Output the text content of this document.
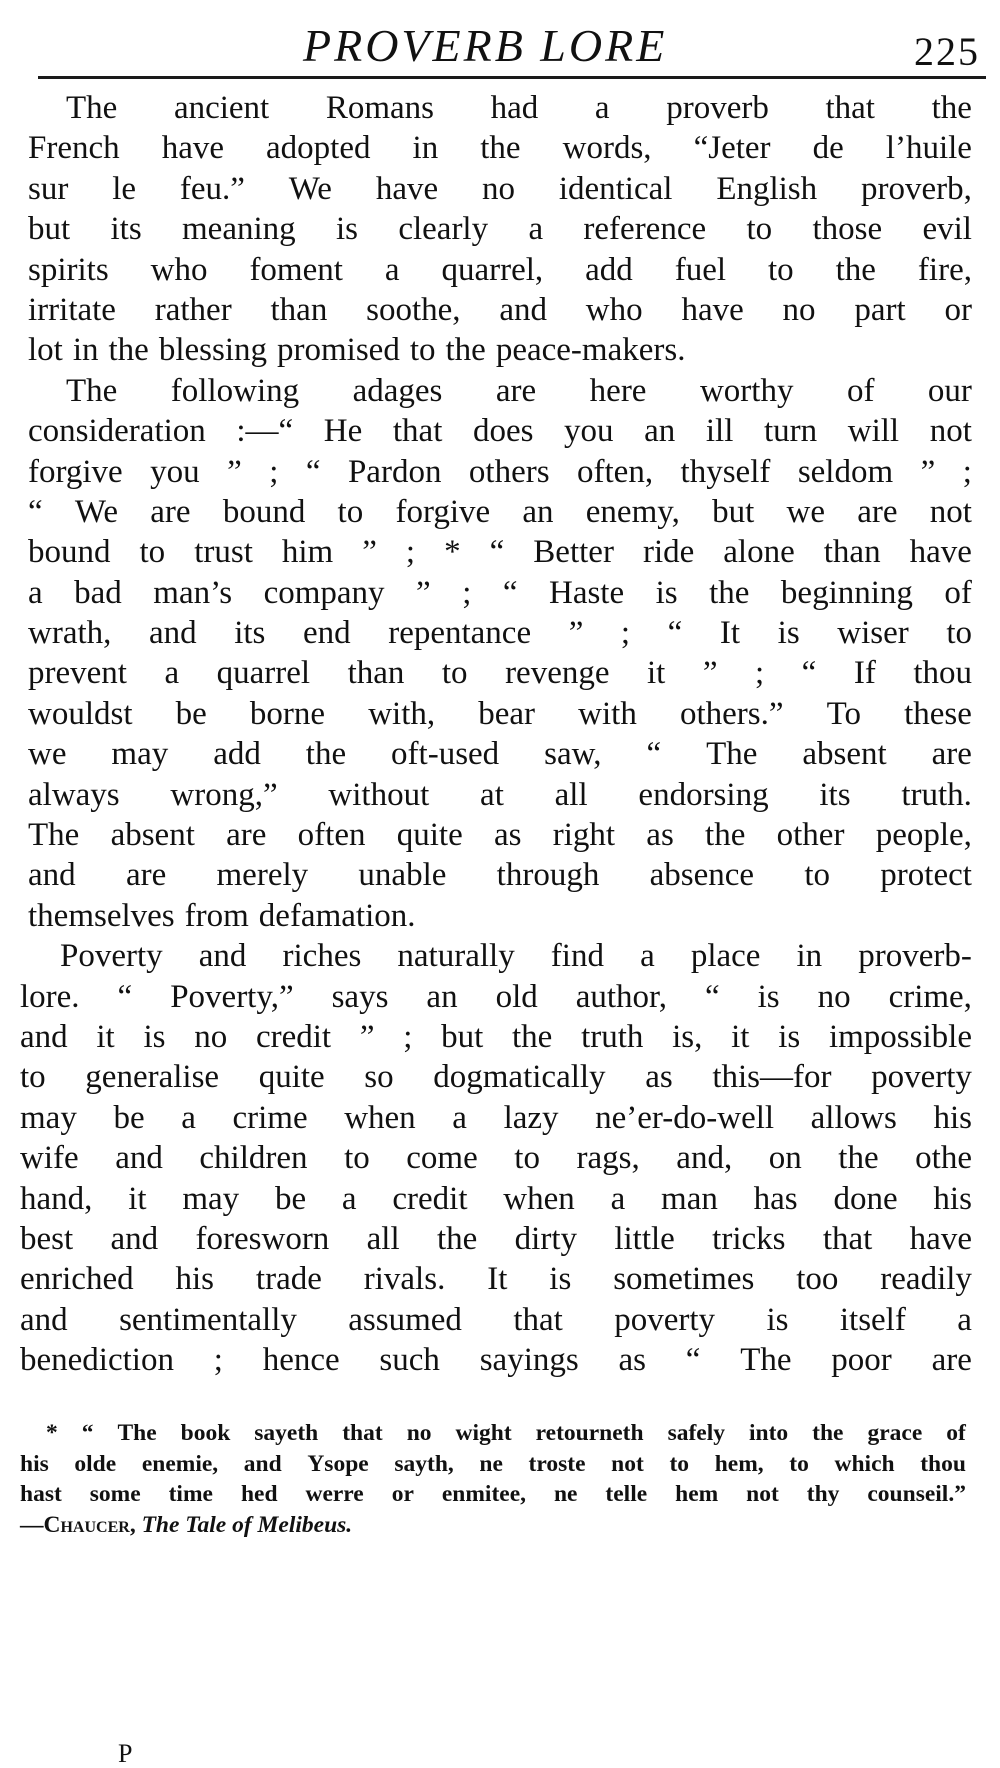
PROVERB LORE	225
The ancient Romans had a proverb that the
French have adopted in the words, “Jeter de l’huile
sur le feu.” We have no identical English proverb,
but its meaning is clearly a reference to those evil
spirits who foment a quarrel, add fuel to the fire,
irritate rather than soothe, and who have no part or
lot in the blessing promised to the peace-makers.
The following adages are here worthy of our
consideration :—“ He that does you an ill turn will not
forgive you ” ; “ Pardon others often, thyself seldom ” ;
“ We are bound to forgive an enemy, but we are not
bound to trust him ” ; * “ Better ride alone than have
a bad man’s company ” ; “ Haste is the beginning of
wrath, and its end repentance ” ; “ It is wiser to
prevent a quarrel than to revenge it ” ; “ If thou
wouldst be borne with, bear with others.” To these
we may add the oft-used saw, “ The absent are
always wrong,” without at all endorsing its truth.
The absent are often quite as right as the other people,
and are merely unable through absence to protect
themselves from defamation.
Poverty and riches naturally find a place in proverb-
lore. “ Poverty,” says an old author, “ is no crime,
and it is no credit ” ; but the truth is, it is impossible
to generalise quite so dogmatically as this—for poverty
may be a crime when a lazy ne’er-do-well allows his
wife and children to come to rags, and, on the othe
hand, it may be a credit when a man has done his
best and foresworn all the dirty little tricks that have
enriched his trade rivals. It is sometimes too readily
and sentimentally assumed that poverty is itself a
benediction ; hence such sayings as “ The poor are
* “ The book sayeth that no wight retourneth safely into the grace of
his olde enemie, and Ysope sayth, ne troste not to hem, to which thou
hast some time hed werre or enmitee, ne telle hem not thy counseil.”
—Chaucer, The Tale of Melibeus.
P
